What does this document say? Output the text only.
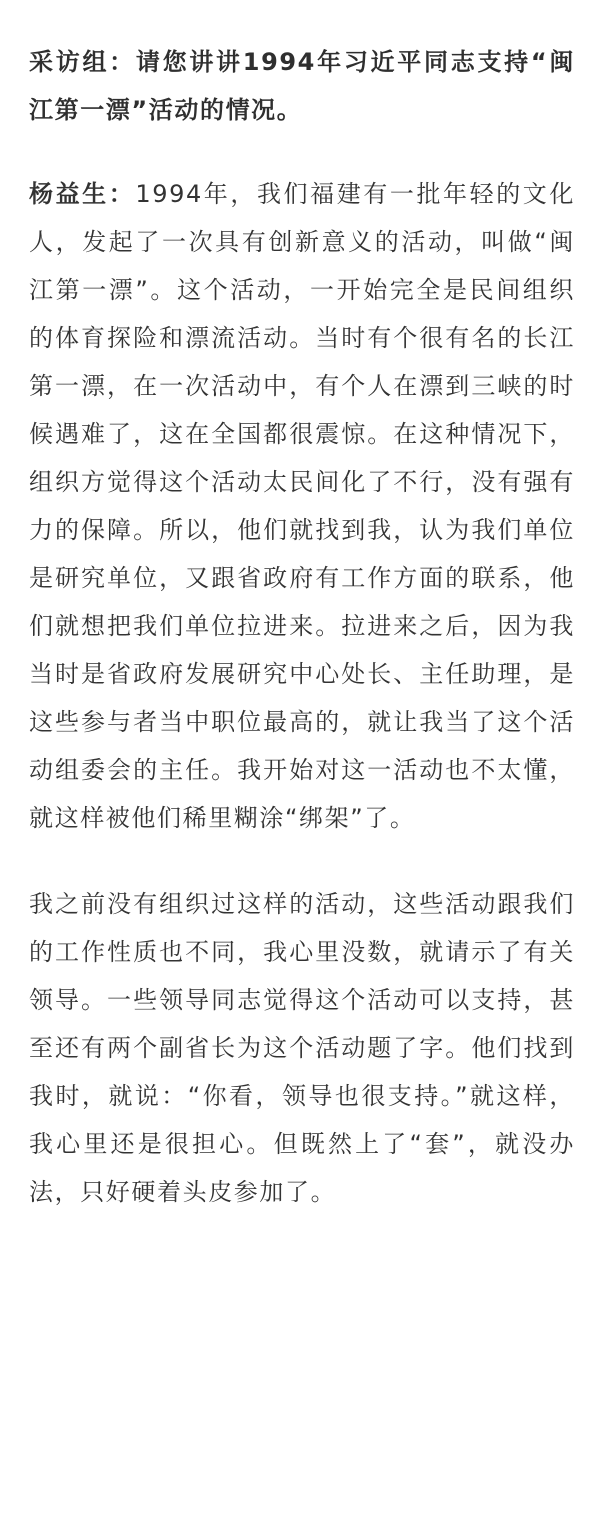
采访组：请您讲讲1994年习近平同志支持“闽江第一漂”活动的情况。

杨益生：1994年，我们福建有一批年轻的文化人，发起了一次具有创新意义的活动，叫做“闽江第一漂”。这个活动，一开始完全是民间组织的体育探险和漂流活动。当时有个很有名的长江第一漂，在一次活动中，有个人在漂到三峡的时候遇难了，这在全国都很震惊。在这种情况下，组织方觉得这个活动太民间化了不行，没有强有力的保障。所以，他们就找到我，认为我们单位是研究单位，又跟省政府有工作方面的联系，他们就想把我们单位拉进来。拉进来之后，因为我当时是省政府发展研究中心处长、主任助理，是这些参与者当中职位最高的，就让我当了这个活动组委会的主任。我开始对这一活动也不太懂，就这样被他们稀里糊涂“绑架”了。

我之前没有组织过这样的活动，这些活动跟我们的工作性质也不同，我心里没数，就请示了有关领导。一些领导同志觉得这个活动可以支持，甚至还有两个副省长为这个活动题了字。他们找到我时，就说：“你看，领导也很支持。”就这样，我心里还是很担心。但既然上了“套”，就没办法，只好硬着头皮参加了。
